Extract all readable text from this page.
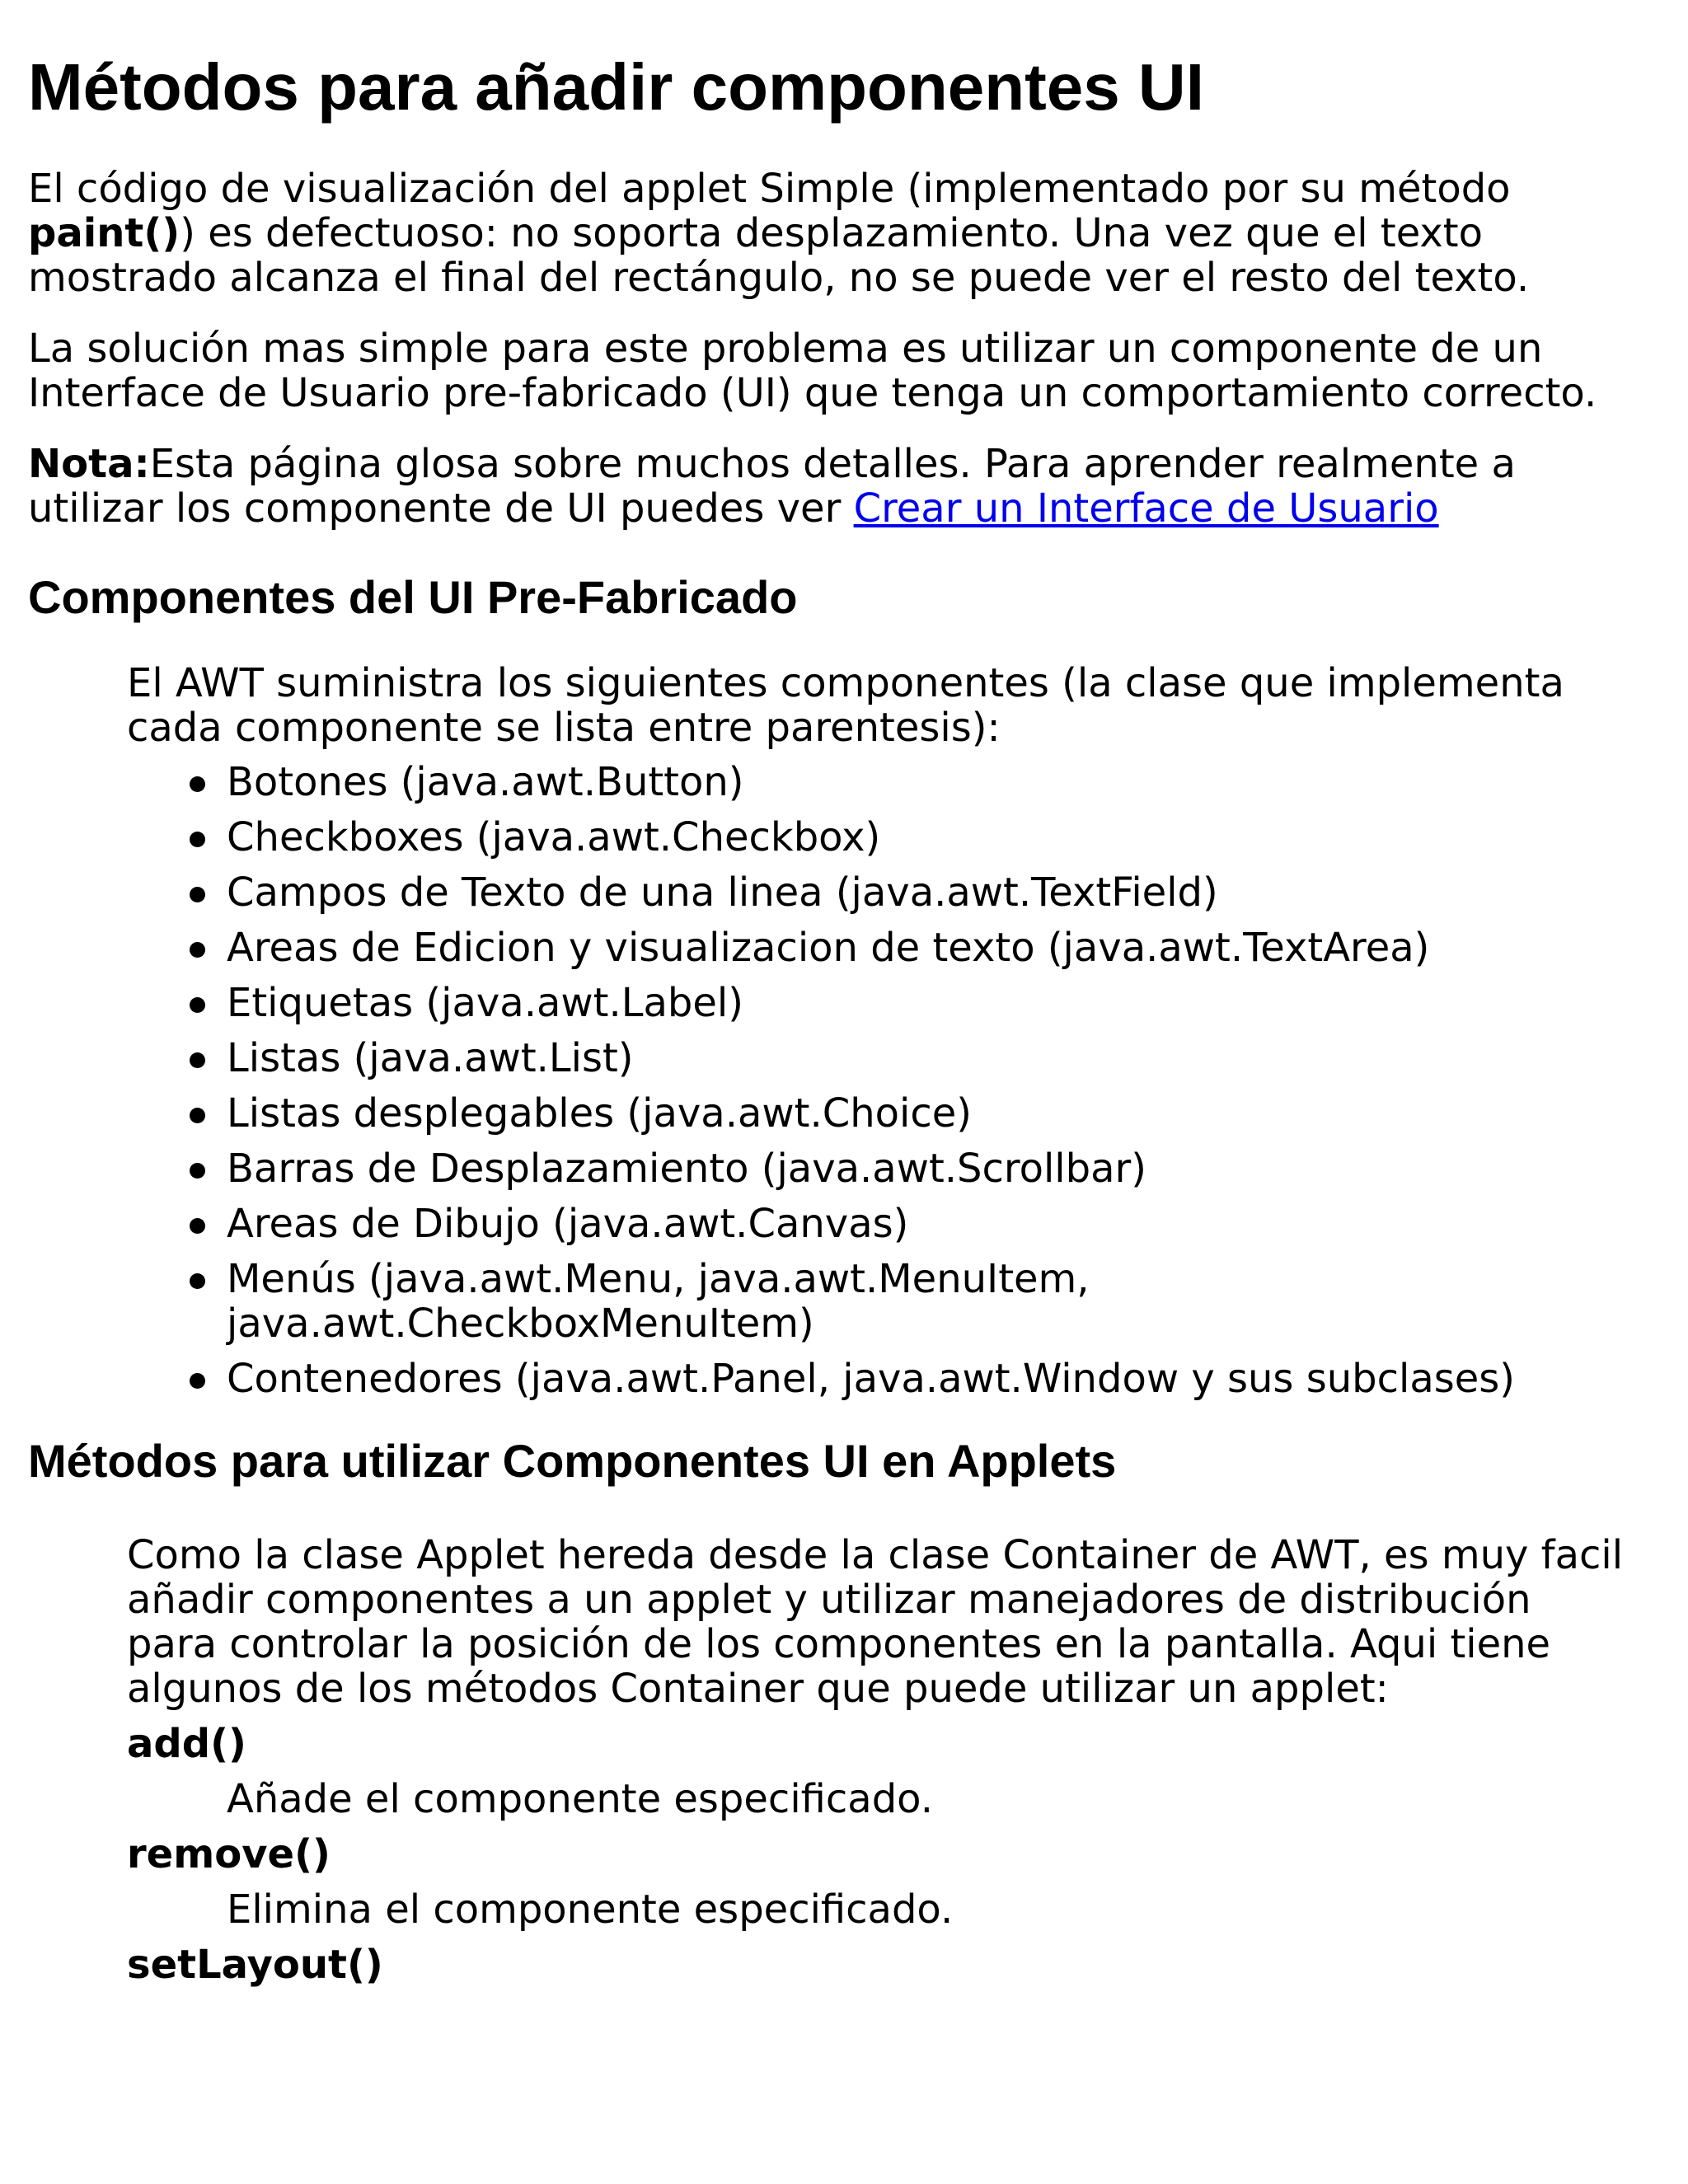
Métodos para añadir componentes UI

El código de visualización del applet Simple (implementado por su método paint()) es defectuoso: no soporta desplazamiento. Una vez que el texto mostrado alcanza el final del rectángulo, no se puede ver el resto del texto.

La solución mas simple para este problema es utilizar un componente de un Interface de Usuario pre-fabricado (UI) que tenga un comportamiento correcto.

Nota:Esta página glosa sobre muchos detalles. Para aprender realmente a utilizar los componente de UI puedes ver Crear un Interface de Usuario

Componentes del UI Pre-Fabricado

El AWT suministra los siguientes componentes (la clase que implementa cada componente se lista entre parentesis):

Botones (java.awt.Button)
Checkboxes (java.awt.Checkbox)
Campos de Texto de una linea (java.awt.TextField)
Areas de Edicion y visualizacion de texto (java.awt.TextArea)
Etiquetas (java.awt.Label)
Listas (java.awt.List)
Listas desplegables (java.awt.Choice)
Barras de Desplazamiento (java.awt.Scrollbar)
Areas de Dibujo (java.awt.Canvas)
Menús (java.awt.Menu, java.awt.MenuItem, java.awt.CheckboxMenuItem)
Contenedores (java.awt.Panel, java.awt.Window y sus subclases)
Métodos para utilizar Componentes UI en Applets

Como la clase Applet hereda desde la clase Container de AWT, es muy facil añadir componentes a un applet y utilizar manejadores de distribución para controlar la posición de los componentes en la pantalla. Aqui tiene algunos de los métodos Container que puede utilizar un applet:

add()
Añade el componente especificado.
remove()
Elimina el componente especificado.
setLayout()
